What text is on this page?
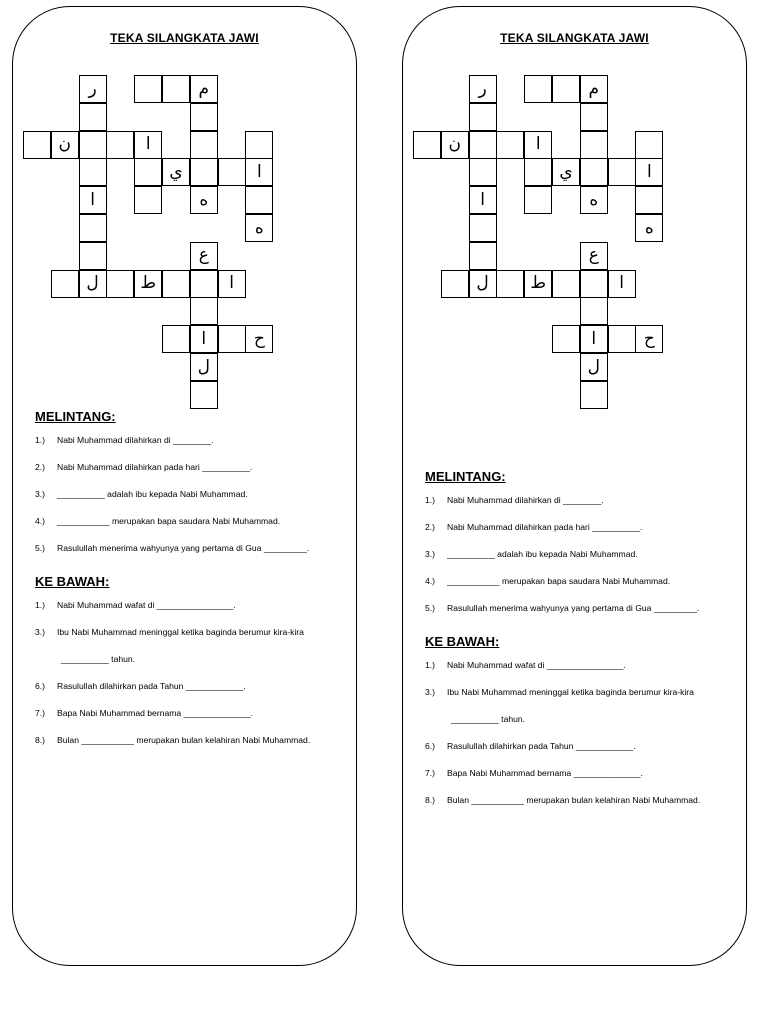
TEKA SILANGKATA JAWI
ر	م
ن	ا
ي	ا
ا	ه
ه
ع
ل	ط	ا
ا	ح
ل
MELINTANG:
1.)	Nabi Muhammad dilahirkan di ________.
2.)	Nabi Muhammad dilahirkan pada hari __________.
3.)	__________ adalah ibu kepada Nabi Muhammad.
4.)	___________ merupakan bapa saudara Nabi Muhammad.
5.)	Rasulullah menerima wahyunya yang pertama di Gua _________.
KE BAWAH:
1.)	Nabi Muhammad wafat di ________________.
3.)	Ibu Nabi Muhammad meninggal ketika baginda berumur kira-kira
__________ tahun.
6.)	Rasulullah dilahirkan pada Tahun ____________.
7.)	Bapa Nabi Muhammad bernama ______________.
8.)	Bulan ___________ merupakan bulan kelahiran Nabi Muhammad.
TEKA SILANGKATA JAWI
ر	م
ن	ا
ي	ا
ا	ه
ه
ع
ل	ط	ا
ا	ح
ل
MELINTANG:
1.)	Nabi Muhammad dilahirkan di ________.
2.)	Nabi Muhammad dilahirkan pada hari __________.
3.)	__________ adalah ibu kepada Nabi Muhammad.
4.)	___________ merupakan bapa saudara Nabi Muhammad.
5.)	Rasulullah menerima wahyunya yang pertama di Gua _________.
KE BAWAH:
1.)	Nabi Muhammad wafat di ________________.
3.)	Ibu Nabi Muhammad meninggal ketika baginda berumur kira-kira
__________ tahun.
6.)	Rasulullah dilahirkan pada Tahun ____________.
7.)	Bapa Nabi Muhammad bernama ______________.
8.)	Bulan ___________ merupakan bulan kelahiran Nabi Muhammad.
